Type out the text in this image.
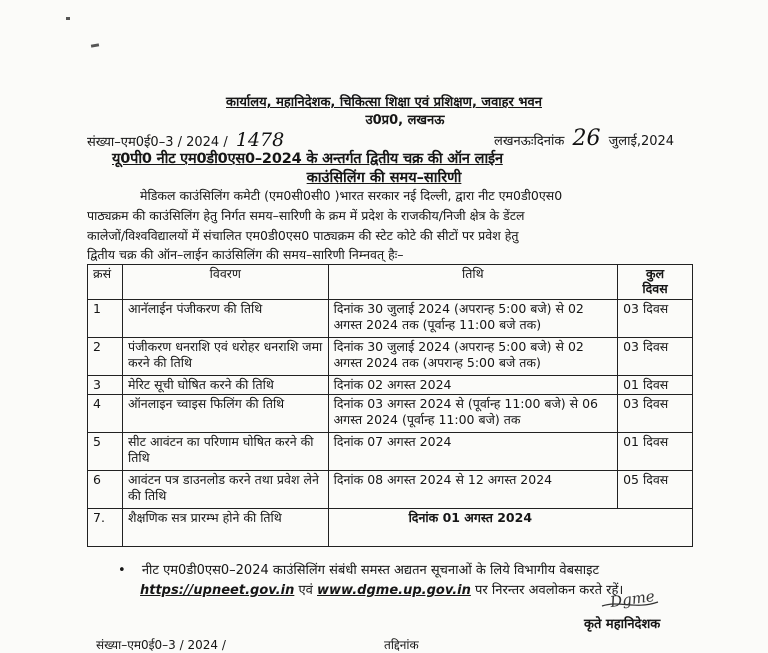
कार्यालय, महानिदेशक, चिकित्सा शिक्षा एवं प्रशिक्षण, जवाहर भवन
उ0प्र0, लखनऊ
संख्या–एम0ई0–3 / 2024 / 1478	लखनऊःदिनांक 26 जुलाई,2024
यू0पी0 नीट एम0डी0एस0–2024 के अन्तर्गत द्वितीय चक्र की ऑन लाईन
काउंसिलिंग की समय–सारिणी
मेडिकल काउंसिलिंग कमेटी (एम0सी0सी0 )भारत सरकार नई दिल्ली, द्वारा नीट एम0डी0एस0
पाठ्यक्रम की काउंसिलिंग हेतु निर्गत समय–सारिणी के क्रम में प्रदेश के राजकीय/निजी क्षेत्र के डेंटल
कालेजों/विश्वविद्यालयों में संचालित एम0डी0एस0 पाठ्यक्रम की स्टेट कोटे की सीटों पर प्रवेश हेतु
द्वितीय चक्र की ऑन–लाईन काउंसिलिंग की समय–सारिणी निम्नवत् हैः–
क्रसं	विवरण	तिथि	कुल
दिवस
1	आनॅलाईन पंजीकरण की तिथि	दिनांक 30 जुलाई 2024 (अपरान्ह 5:00 बजे) से 02 अगस्त 2024 तक (पूर्वान्ह 11:00 बजे तक)	03 दिवस
2	पंजीकरण धनराशि एवं धरोहर धनराशि जमा करने की तिथि	दिनांक 30 जुलाई 2024 (अपरान्ह 5:00 बजे) से 02 अगस्त 2024 तक (अपरान्ह 5:00 बजे तक)	03 दिवस
3	मेरिट सूची घोषित करने की तिथि	दिनांक 02 अगस्त 2024	01 दिवस
4	ऑनलाइन च्वाइस फिलिंग की तिथि	दिनांक 03 अगस्त 2024 से (पूर्वान्ह 11:00 बजे) से 06 अगस्त 2024 (पूर्वान्ह 11:00 बजे) तक	03 दिवस
5	सीट आवंटन का परिणाम घोषित करने की तिथि	दिनांक 07 अगस्त 2024	01 दिवस
6	आवंटन पत्र डाउनलोड करने तथा प्रवेश लेने की तिथि	दिनांक 08 अगस्त 2024 से 12 अगस्त 2024	05 दिवस
7.	शैक्षणिक सत्र प्रारम्भ होने की तिथि	दिनांक 01 अगस्त 2024	
• नीट एम0डी0एस0–2024 काउंसिलिंग संबंधी समस्त अद्यतन सूचनाओं के लिये विभागीय वेबसाइट
https://upneet.gov.in एवं www.dgme.up.gov.in पर निरन्तर अवलोकन करते रहें।
Dgme
कृते महानिदेशक
संख्या–एम0ई0–3 / 2024 /	तद्दिनांक
